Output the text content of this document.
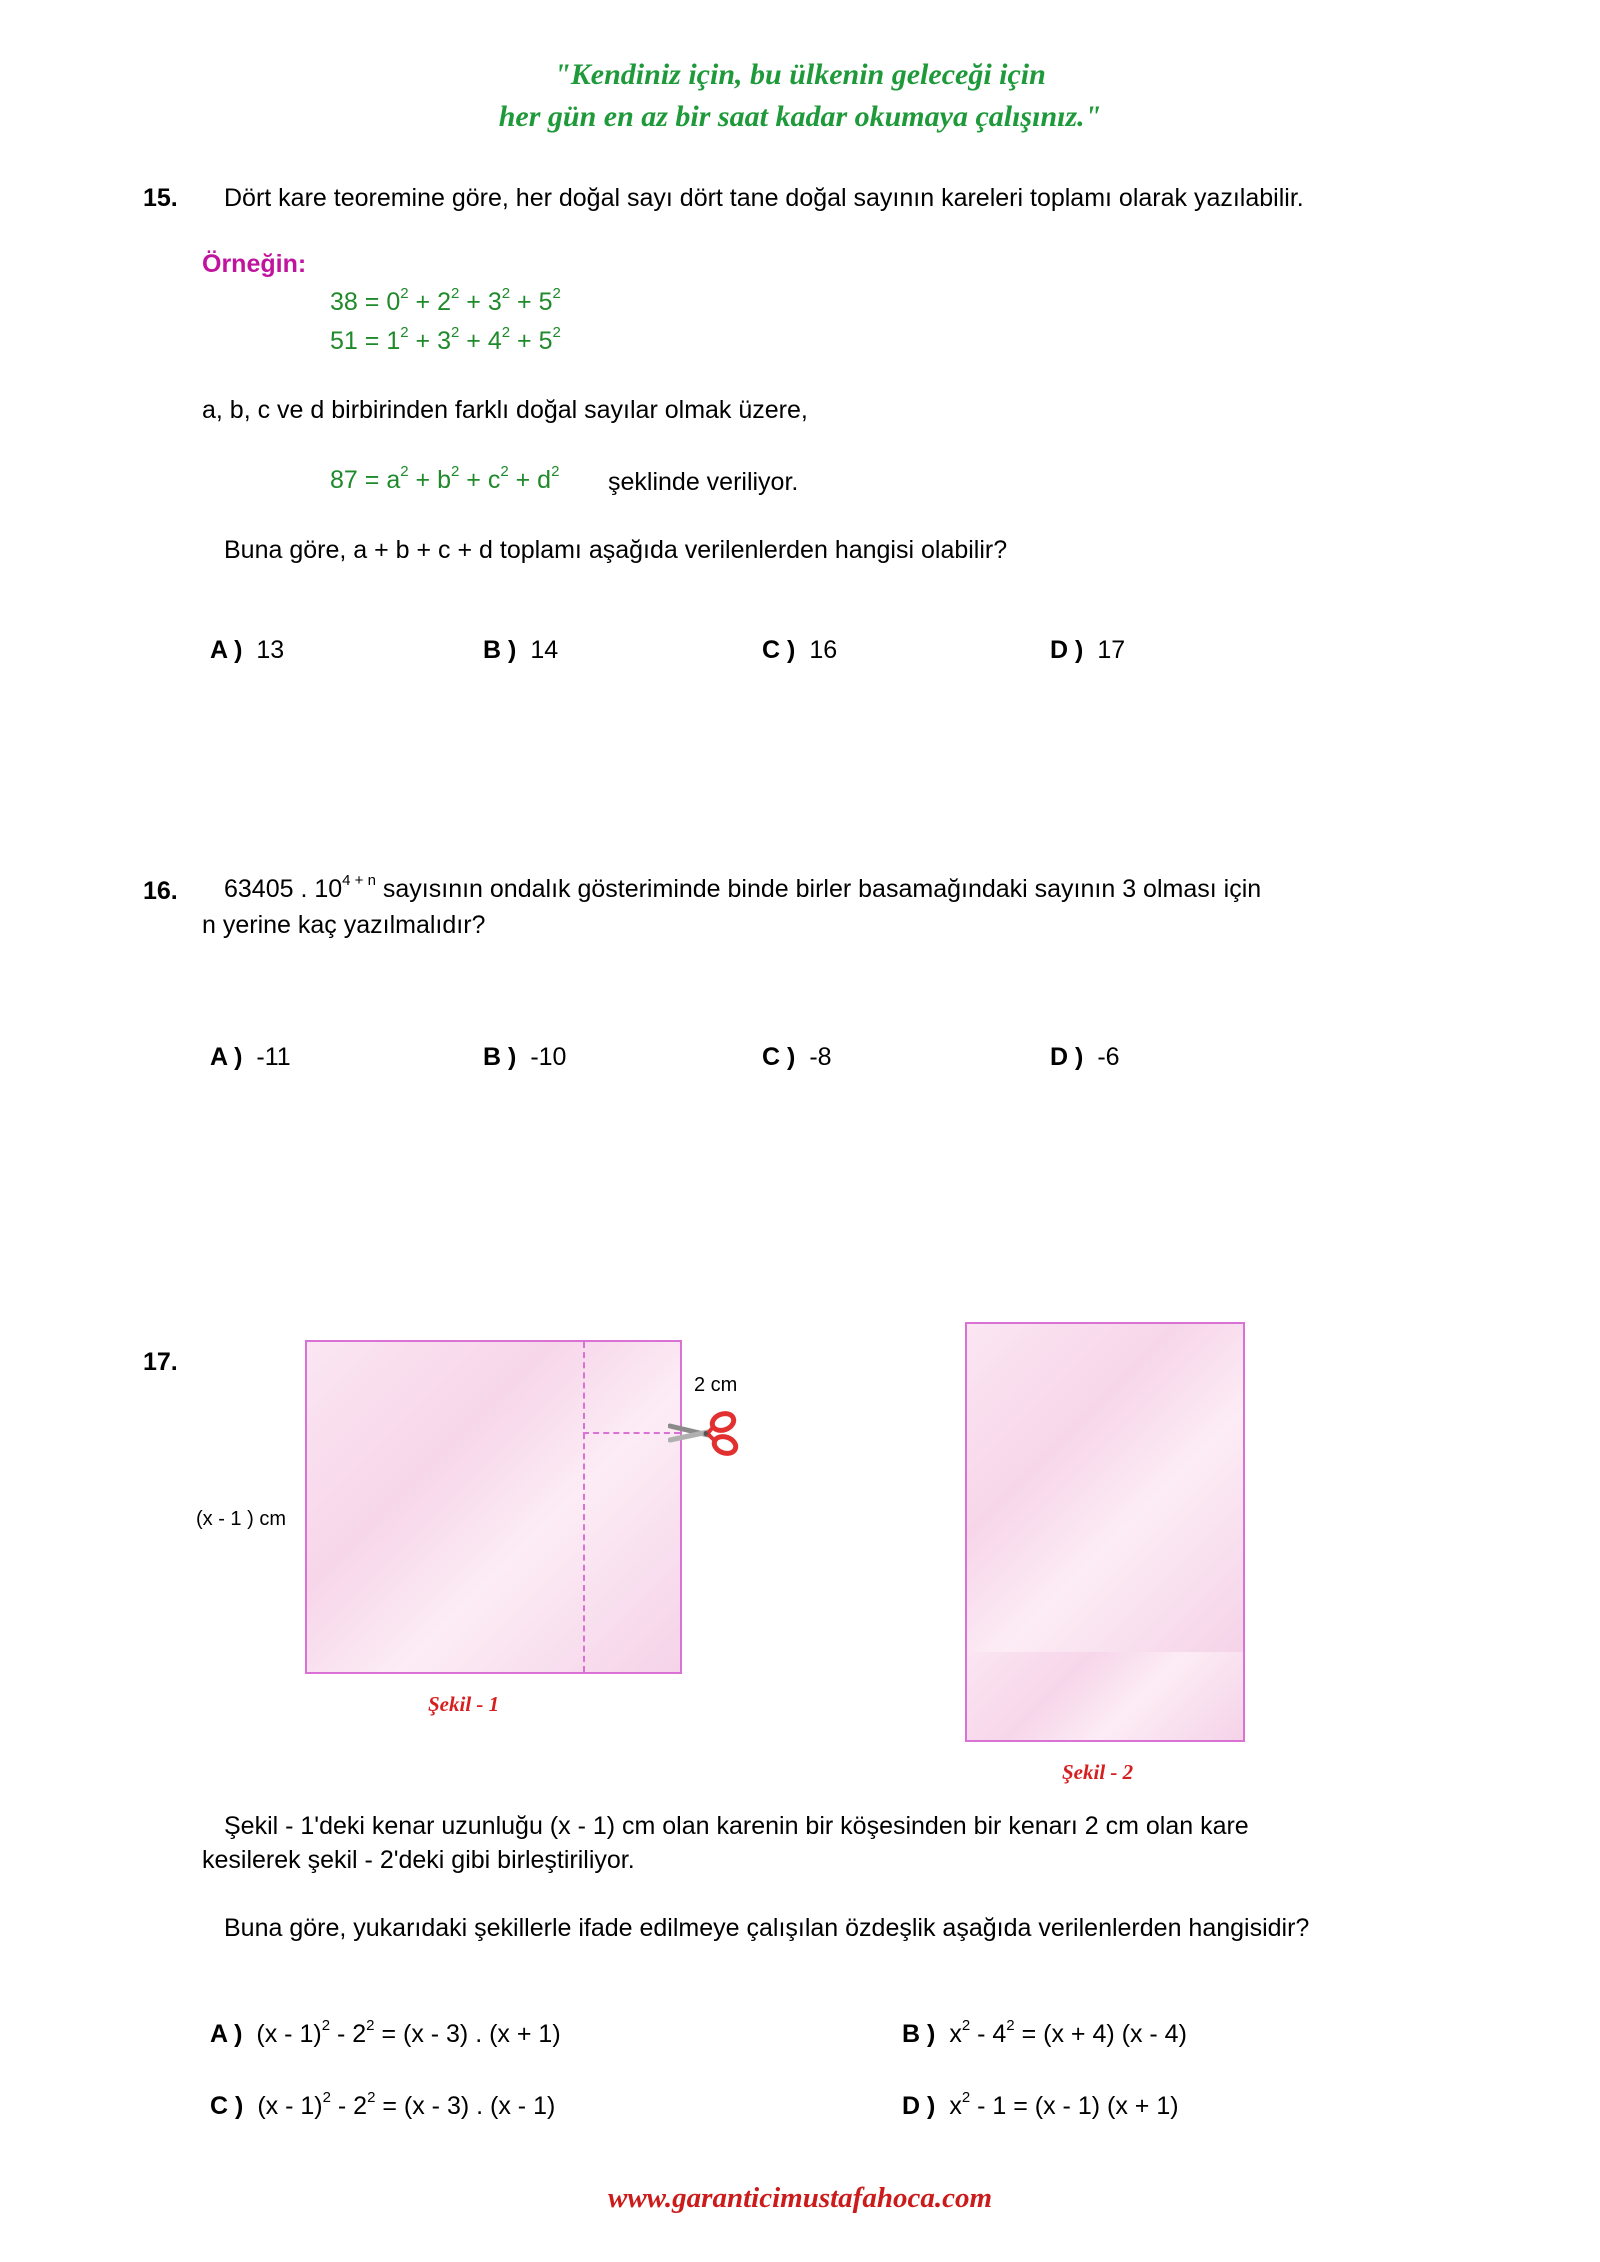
"Kendiniz için, bu ülkenin geleceği için
her gün en az bir saat kadar okumaya çalışınız."
15. Dört kare teoremine göre, her doğal sayı dört tane doğal sayının kareleri toplamı olarak yazılabilir.
Örneğin:
$38 = 0^2 + 2^2 + 3^2 + 5^2$
$51 = 1^2 + 3^2 + 4^2 + 5^2$
a, b, c ve d birbirinden farklı doğal sayılar olmak üzere,
$87 = a^2 + b^2 + c^2 + d^2$ şeklinde veriliyor.
Buna göre, a + b + c + d toplamı aşağıda verilenlerden hangisi olabilir?
A ) 13	B ) 14	C ) 16	D ) 17
16. 63405 . $10^{4 + n}$ sayısının ondalık gösteriminde binde birler basamağındaki sayının 3 olması için
n yerine kaç yazılmalıdır?
A ) -11	B ) -10	C ) -8	D ) -6
17.
(x - 1 ) cm
2 cm
Şekil - 1
Şekil - 2
Şekil - 1'deki kenar uzunluğu (x - 1) cm olan karenin bir köşesinden bir kenarı 2 cm olan kare
kesilerek şekil - 2'deki gibi birleştiriliyor.
Buna göre, yukarıdaki şekillerle ifade edilmeye çalışılan özdeşlik aşağıda verilenlerden hangisidir?
A ) $(x - 1)^2 - 2^2 = (x - 3)$ . (x + 1)	B ) $x^2 - 4^2 = (x + 4)$ (x - 4)
C ) $(x - 1)^2 - 2^2 = (x - 3)$ . (x - 1)	D ) $x^2 - 1 = (x - 1) (x + 1)$
www.garanticimustafahoca.com
